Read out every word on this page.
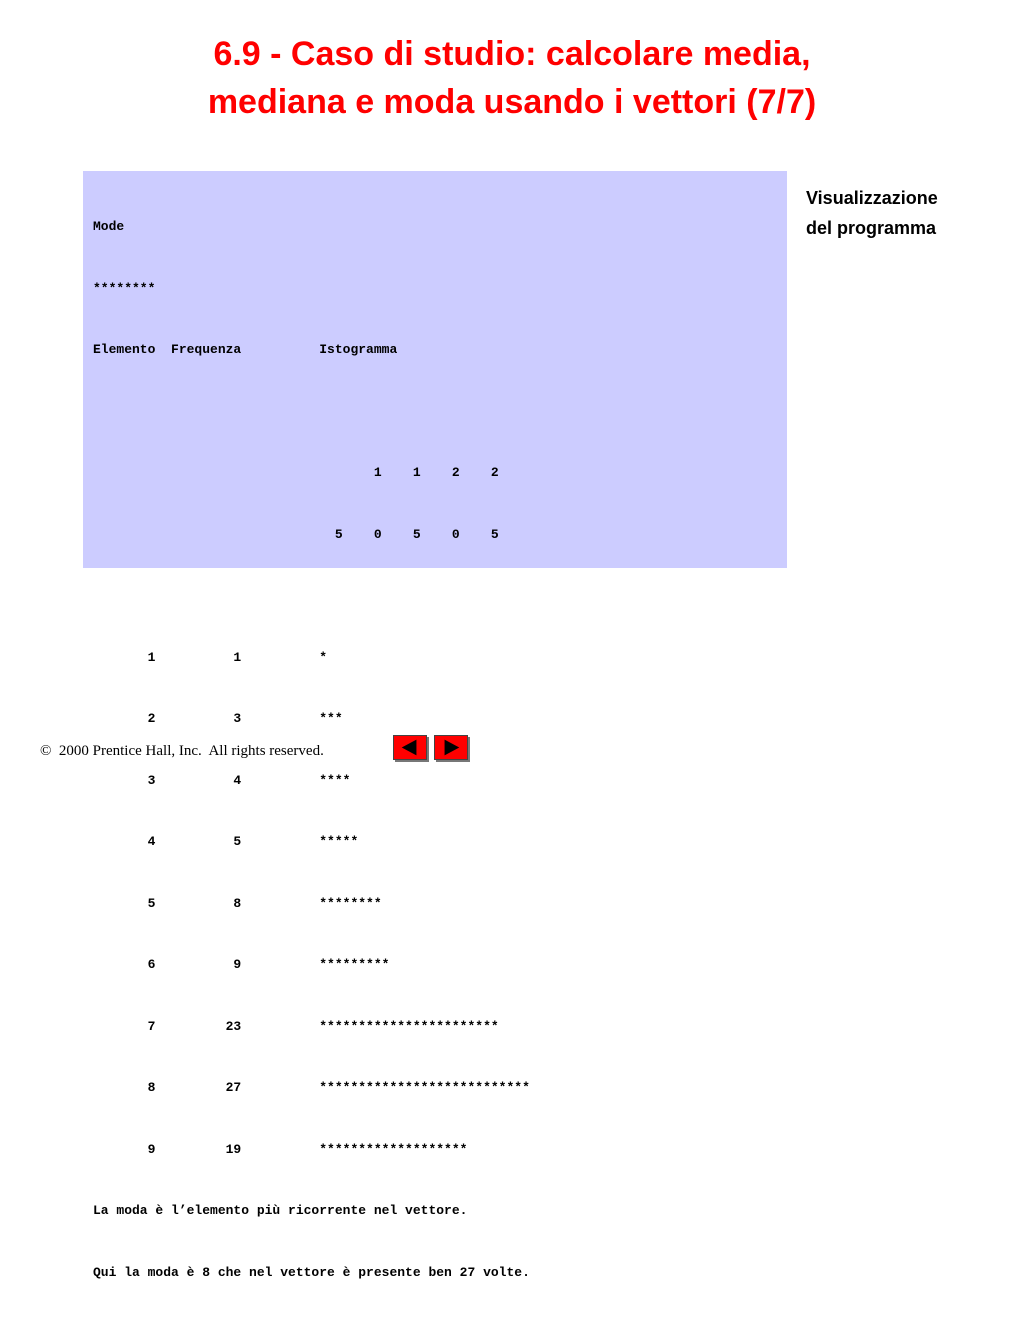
6.9 - Caso di studio: calcolare media,
mediana e moda usando i vettori (7/7)

Mode

********

Elemento  Frequenza          Istogramma

1    1    2    2

5    0    5    0    5

1          1          *

2          3          ***

3          4          ****

4          5          *****

5          8          ********

6          9          *********

7         23          ***********************

8         27          ***************************

9         19          *******************

La moda è l’elemento più ricorrente nel vettore.

Qui la moda è 8 che nel vettore è presente ben 27 volte.

Visualizzazione
del programma
©  2000 Prentice Hall, Inc.  All rights reserved.
